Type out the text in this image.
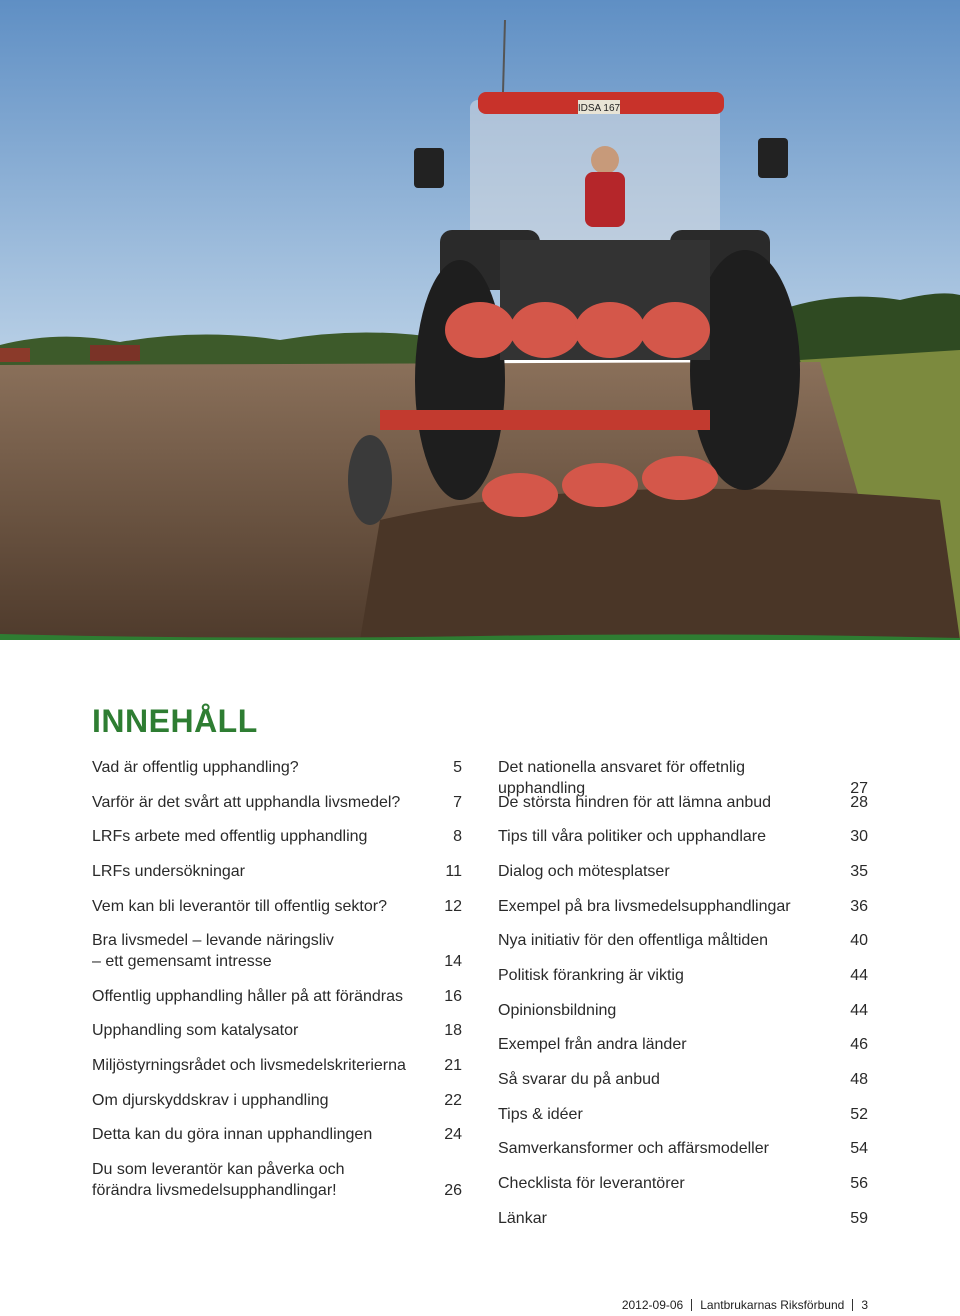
IDSA 167
INNEHÅLL
Vad är offentlig upphandling?	5
Varför är det svårt att upphandla livsmedel?	7
LRFs arbete med offentlig upphandling	8
LRFs undersökningar	11
Vem kan bli leverantör till offentlig sektor?	12
Bra livsmedel – levande näringsliv
– ett gemensamt intresse	14
Offentlig upphandling håller på att förändras	16
Upphandling som katalysator	18
Miljöstyrningsrådet och livsmedelskriterierna	21
Om djurskyddskrav i upphandling	22
Detta kan du göra innan upphandlingen	24
Du som leverantör kan påverka och
förändra livsmedelsupphandlingar!	26
Det nationella ansvaret för offetnlig upphandling	27
De största hindren för att lämna anbud	28
Tips till våra politiker och upphandlare	30
Dialog och mötesplatser	35
Exempel på bra livsmedelsupphandlingar	36
Nya initiativ för den offentliga måltiden	40
Politisk förankring är viktig	44
Opinionsbildning	44
Exempel från andra länder	46
Så svarar du på anbud	48
Tips & idéer	52
Samverkansformer och affärsmodeller	54
Checklista för leverantörer	56
Länkar	59
2012-09-06 Lantbrukarnas Riksförbund 3
